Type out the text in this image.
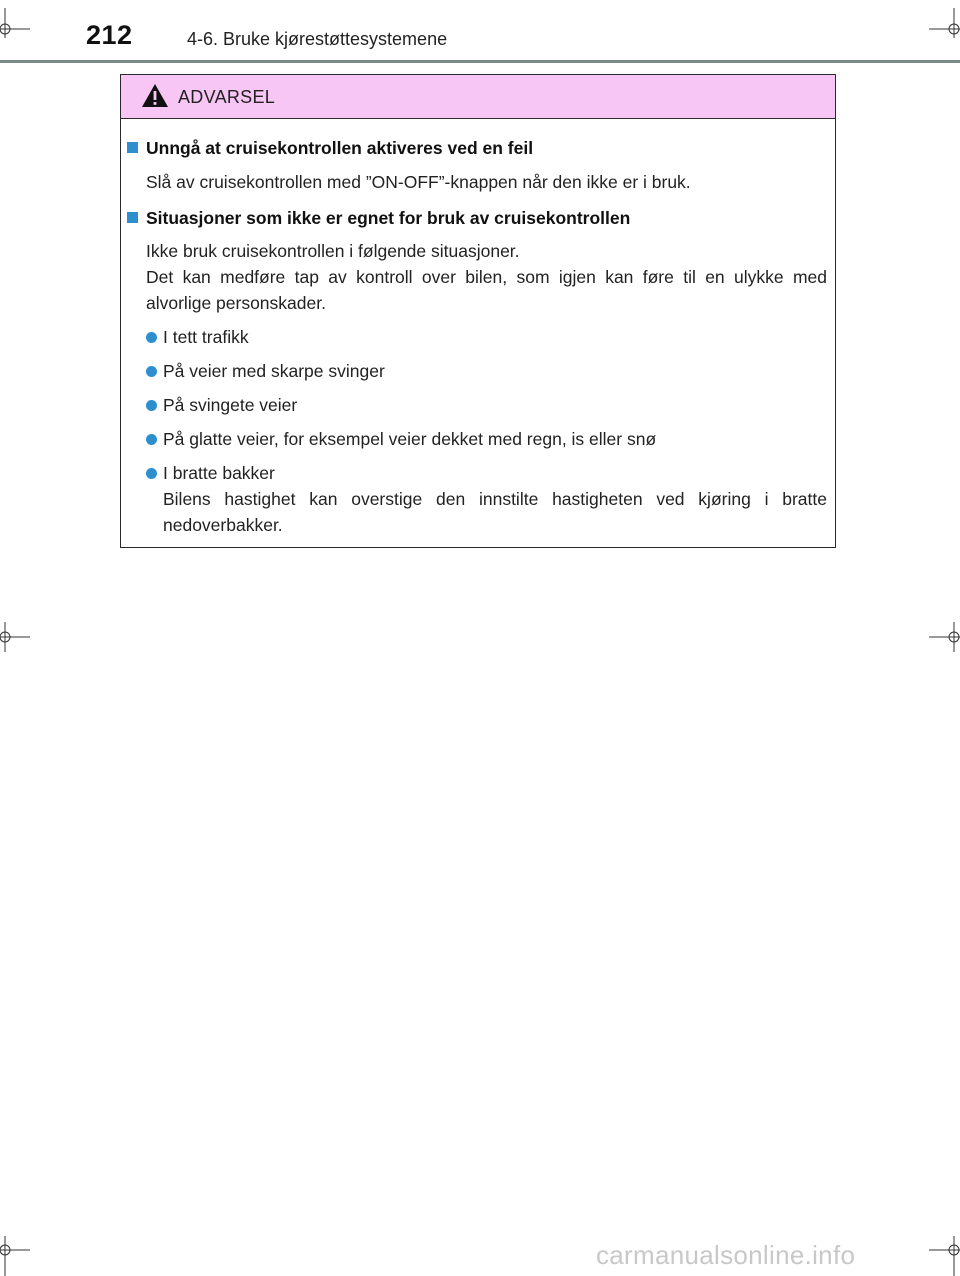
212	4-6. Bruke kjørestøttesystemene
ADVARSEL
Unngå at cruisekontrollen aktiveres ved en feil

Slå av cruisekontrollen med ”ON-OFF”-knappen når den ikke er i bruk.

Situasjoner som ikke er egnet for bruk av cruisekontrollen

Ikke bruk cruisekontrollen i følgende situasjoner.

Det kan medføre tap av kontroll over bilen, som igjen kan føre til en ulykke med alvorlige personskader.

I tett trafikk
På veier med skarpe svinger
På svingete veier
På glatte veier, for eksempel veier dekket med regn, is eller snø

I bratte bakker

Bilens hastighet kan overstige den innstilte hastigheten ved kjøring i bratte nedoverbakker.

carmanualsonline.info
